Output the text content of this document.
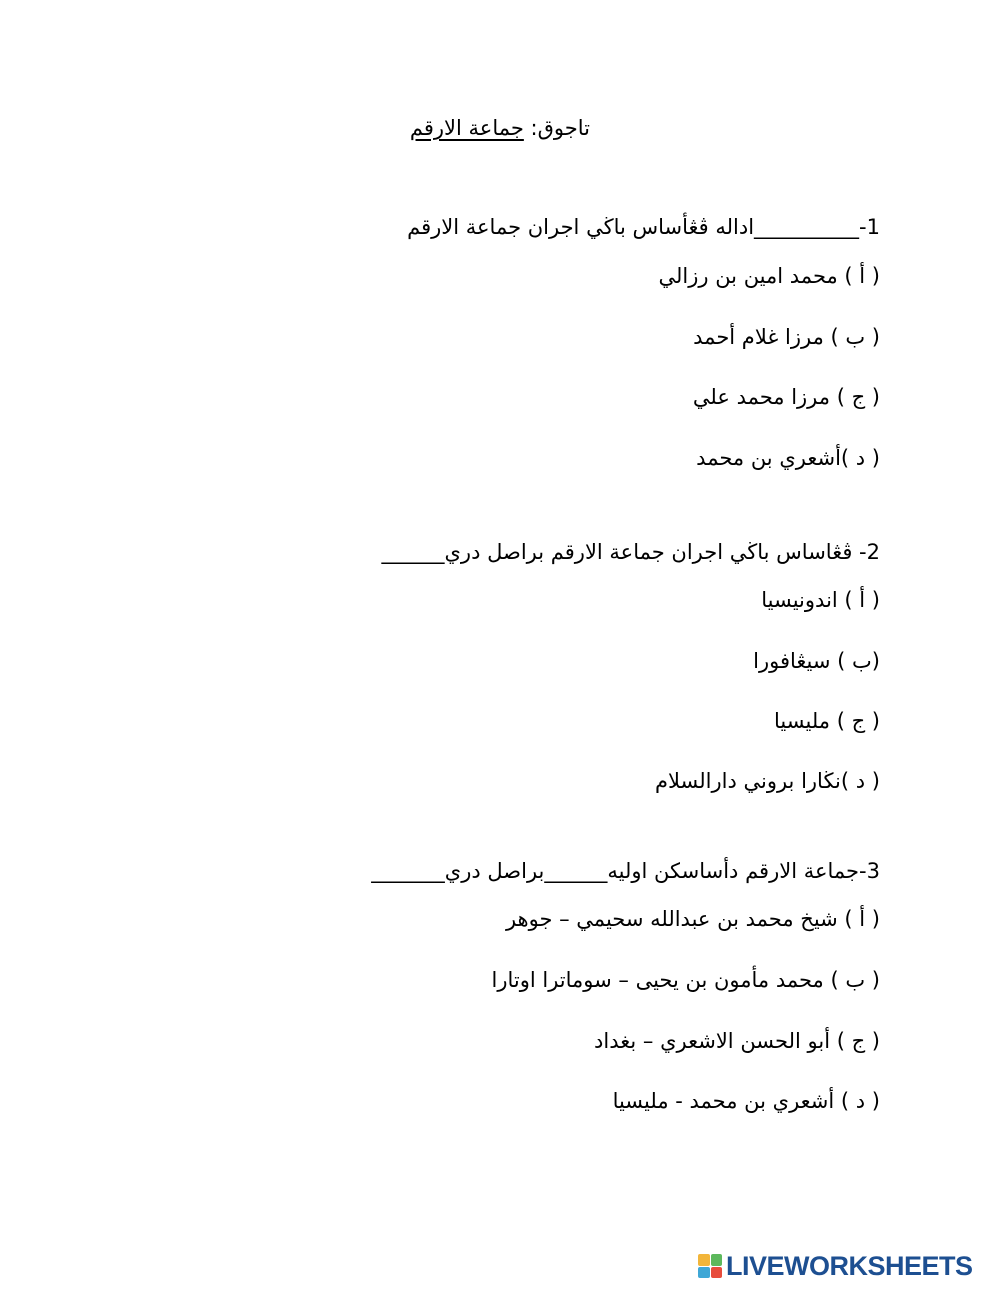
تاجوق: جماعة الارقم
1-__________اداله ڤڠأساس باڬي اجران جماعة الارقم
( أ ) محمد امين بن رزالي
( ب ) مرزا غلام أحمد
( ج ) مرزا محمد علي
( د )أشعري بن محمد
2- ڤڠاساس باڬي اجران جماعة الارقم براصل دري______
( أ ) اندونيسيا
(ب ) سيڠافورا
( ج ) مليسيا
( د )نڬارا بروني دارالسلام
3-جماعة الارقم دأساسكن اوليه______براصل دري_______
( أ ) شيخ محمد بن عبدالله سحيمي – جوهر
( ب ) محمد مأمون بن يحيى – سوماترا اوتارا
( ج ) أبو الحسن الاشعري – بغداد
( د ) أشعري بن محمد - مليسيا
LIVEWORKSHEETS
